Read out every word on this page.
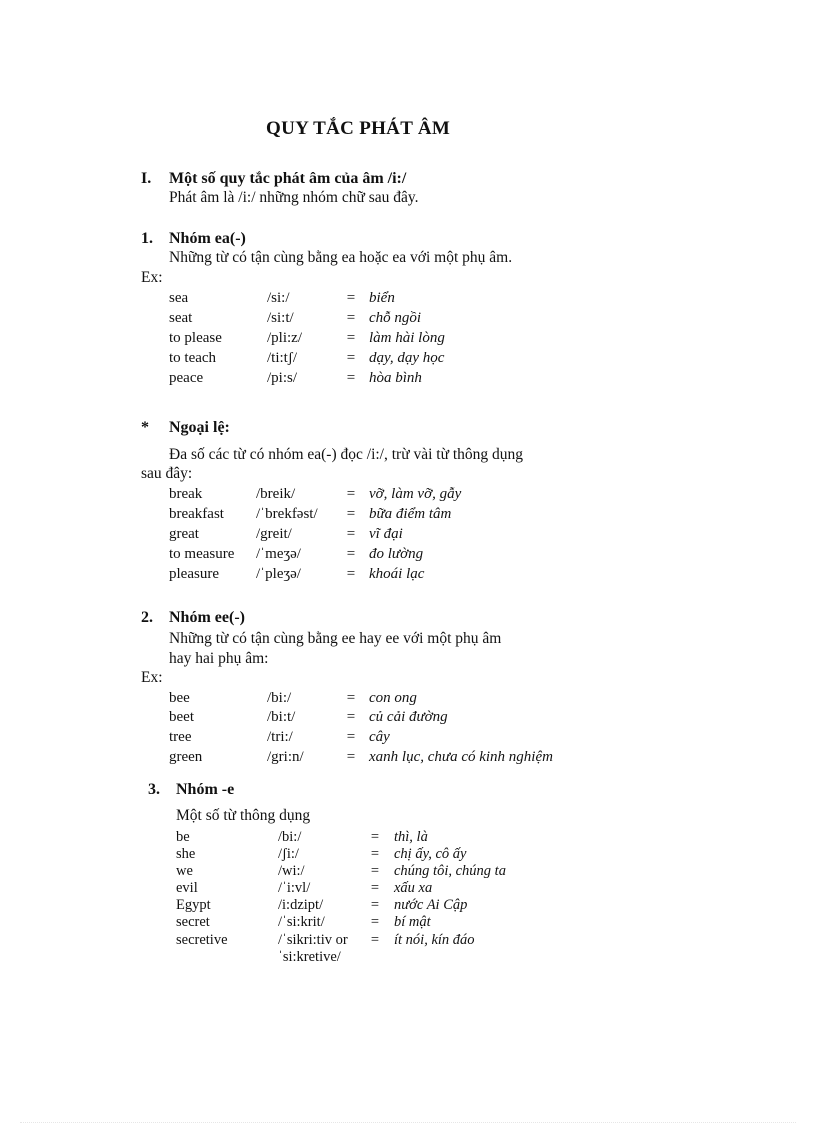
QUY TẮC PHÁT ÂM
I. Một số quy tắc phát âm của âm /i:/
Phát âm là /i:/ những nhóm chữ sau đây.
1. Nhóm ea(-)
Những từ có tận cùng bằng ea hoặc ea với một phụ âm.
Ex:
sea	/si:/	= biển
seat	/si:t/	= chỗ ngồi
to please	/pli:z/	= làm hài lòng
to teach	/ti:tʃ/	= dạy, dạy học
peace	/pi:s/	= hòa bình
* Ngoại lệ:
Đa số các từ có nhóm ea(-) đọc /i:/, trừ vài từ thông dụng
sau đây:
break	/breik/	= vỡ, làm vỡ, gẫy
breakfast /ˈbrekfəst/ = bữa điểm tâm
great	/greit/	= vĩ đại
to measure /ˈmeʒə/	= đo lường
pleasure /ˈpleʒə/	= khoái lạc
2. Nhóm ee(-)
Những từ có tận cùng bằng ee hay ee với một phụ âm
hay hai phụ âm:
Ex:
bee	/bi:/	= con ong
beet	/bi:t/	= củ cải đường
tree	/tri:/	= cây
green	/gri:n/	= xanh lục, chưa có kinh nghiệm
3. Nhóm -e
Một số từ thông dụng
be	/bi:/	= thì, là
she	/ʃi:/	= chị ấy, cô ấy
we	/wi:/	= chúng tôi, chúng ta
evil	/ˈi:vl/	= xấu xa
Egypt	/i:dzipt/	= nước Ai Cập
secret	/ˈsi:krit/	= bí mật
secretive	/ˈsikri:tiv or = ít nói, kín đáo
ˈsi:kretive/
